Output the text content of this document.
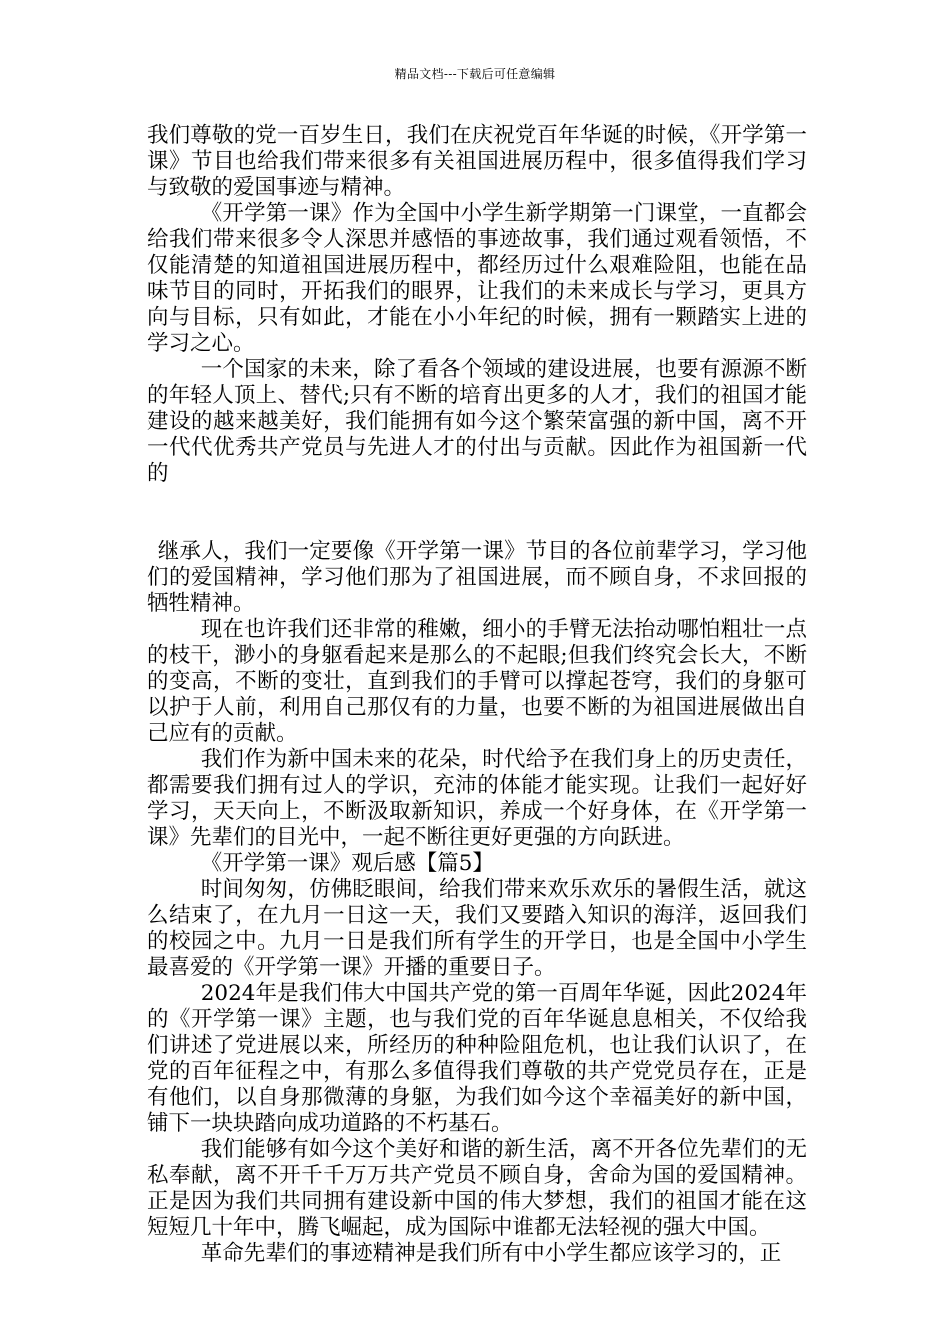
精品文档---下载后可任意编辑

我们尊敬的党一百岁生日，我们在庆祝党百年华诞的时候，《开学第一课》节目也给我们带来很多有关祖国进展历程中，很多值得我们学习与致敬的爱国事迹与精神。

《开学第一课》作为全国中小学生新学期第一门课堂，一直都会给我们带来很多令人深思并感悟的事迹故事，我们通过观看领悟，不仅能清楚的知道祖国进展历程中，都经历过什么艰难险阻，也能在品味节目的同时，开拓我们的眼界，让我们的未来成长与学习，更具方向与目标，只有如此，才能在小小年纪的时候，拥有一颗踏实上进的学习之心。

一个国家的未来，除了看各个领域的建设进展，也要有源源不断的年轻人顶上、替代;只有不断的培育出更多的人才，我们的祖国才能建设的越来越美好，我们能拥有如今这个繁荣富强的新中国，离不开一代代优秀共产党员与先进人才的付出与贡献。因此作为祖国新一代的

继承人，我们一定要像《开学第一课》节目的各位前辈学习，学习他们的爱国精神，学习他们那为了祖国进展，而不顾自身，不求回报的牺牲精神。

现在也许我们还非常的稚嫩，细小的手臂无法抬动哪怕粗壮一点的枝干，渺小的身躯看起来是那么的不起眼;但我们终究会长大，不断的变高，不断的变壮，直到我们的手臂可以撑起苍穹，我们的身躯可以护于人前，利用自己那仅有的力量，也要不断的为祖国进展做出自己应有的贡献。

我们作为新中国未来的花朵，时代给予在我们身上的历史责任，都需要我们拥有过人的学识，充沛的体能才能实现。让我们一起好好学习，天天向上，不断汲取新知识，养成一个好身体，在《开学第一课》先辈们的目光中，一起不断往更好更强的方向跃进。

《开学第一课》观后感【篇5】

时间匆匆，仿佛眨眼间，给我们带来欢乐欢乐的暑假生活，就这么结束了，在九月一日这一天，我们又要踏入知识的海洋，返回我们的校园之中。九月一日是我们所有学生的开学日，也是全国中小学生最喜爱的《开学第一课》开播的重要日子。

2024年是我们伟大中国共产党的第一百周年华诞，因此2024年的《开学第一课》主题，也与我们党的百年华诞息息相关，不仅给我们讲述了党进展以来，所经历的种种险阻危机，也让我们认识了，在党的百年征程之中，有那么多值得我们尊敬的共产党党员存在，正是有他们，以自身那微薄的身躯，为我们如今这个幸福美好的新中国，铺下一块块踏向成功道路的不朽基石。

我们能够有如今这个美好和谐的新生活，离不开各位先辈们的无私奉献，离不开千千万万共产党员不顾自身，舍命为国的爱国精神。正是因为我们共同拥有建设新中国的伟大梦想，我们的祖国才能在这短短几十年中，腾飞崛起，成为国际中谁都无法轻视的强大中国。

革命先辈们的事迹精神是我们所有中小学生都应该学习的，正
